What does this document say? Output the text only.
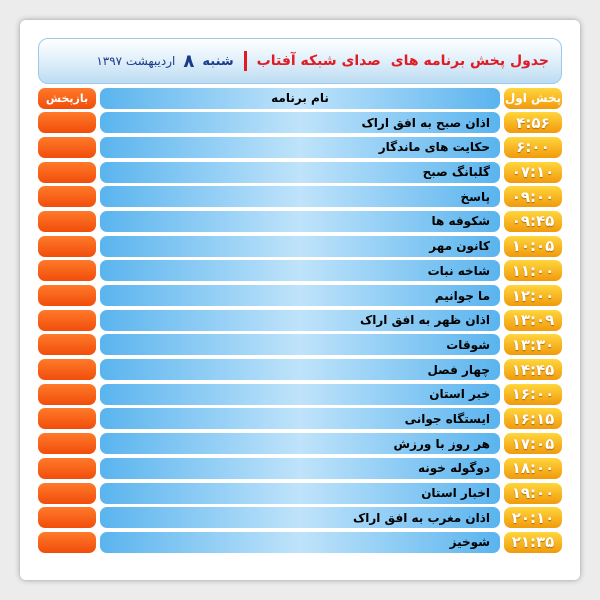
جدول پخش برنامه های
صدای شبکه آفتاب
شنبه
۸
اردیبهشت ۱۳۹۷
پخش اول
نام برنامه
بازپخش
۴:۵۶
اذان صبح به افق اراک
۶:۰۰
حکایت های ماندگار
۰۷:۱۰
گلبانگ صبح
۰۹:۰۰
پاسخ
۰۹:۴۵
شکوفه ها
۱۰:۰۵
کانون مهر
۱۱:۰۰
شاخه نبات
۱۲:۰۰
ما جوانیم
۱۳:۰۹
اذان ظهر به افق اراک
۱۳:۳۰
شوقات
۱۴:۴۵
چهار فصل
۱۶:۰۰
خبر استان
۱۶:۱۵
ایستگاه جوانی
۱۷:۰۵
هر روز با ورزش
۱۸:۰۰
دوگوله خونه
۱۹:۰۰
اخبار استان
۲۰:۱۰
اذان مغرب به افق اراک
۲۱:۳۵
شوخیز
